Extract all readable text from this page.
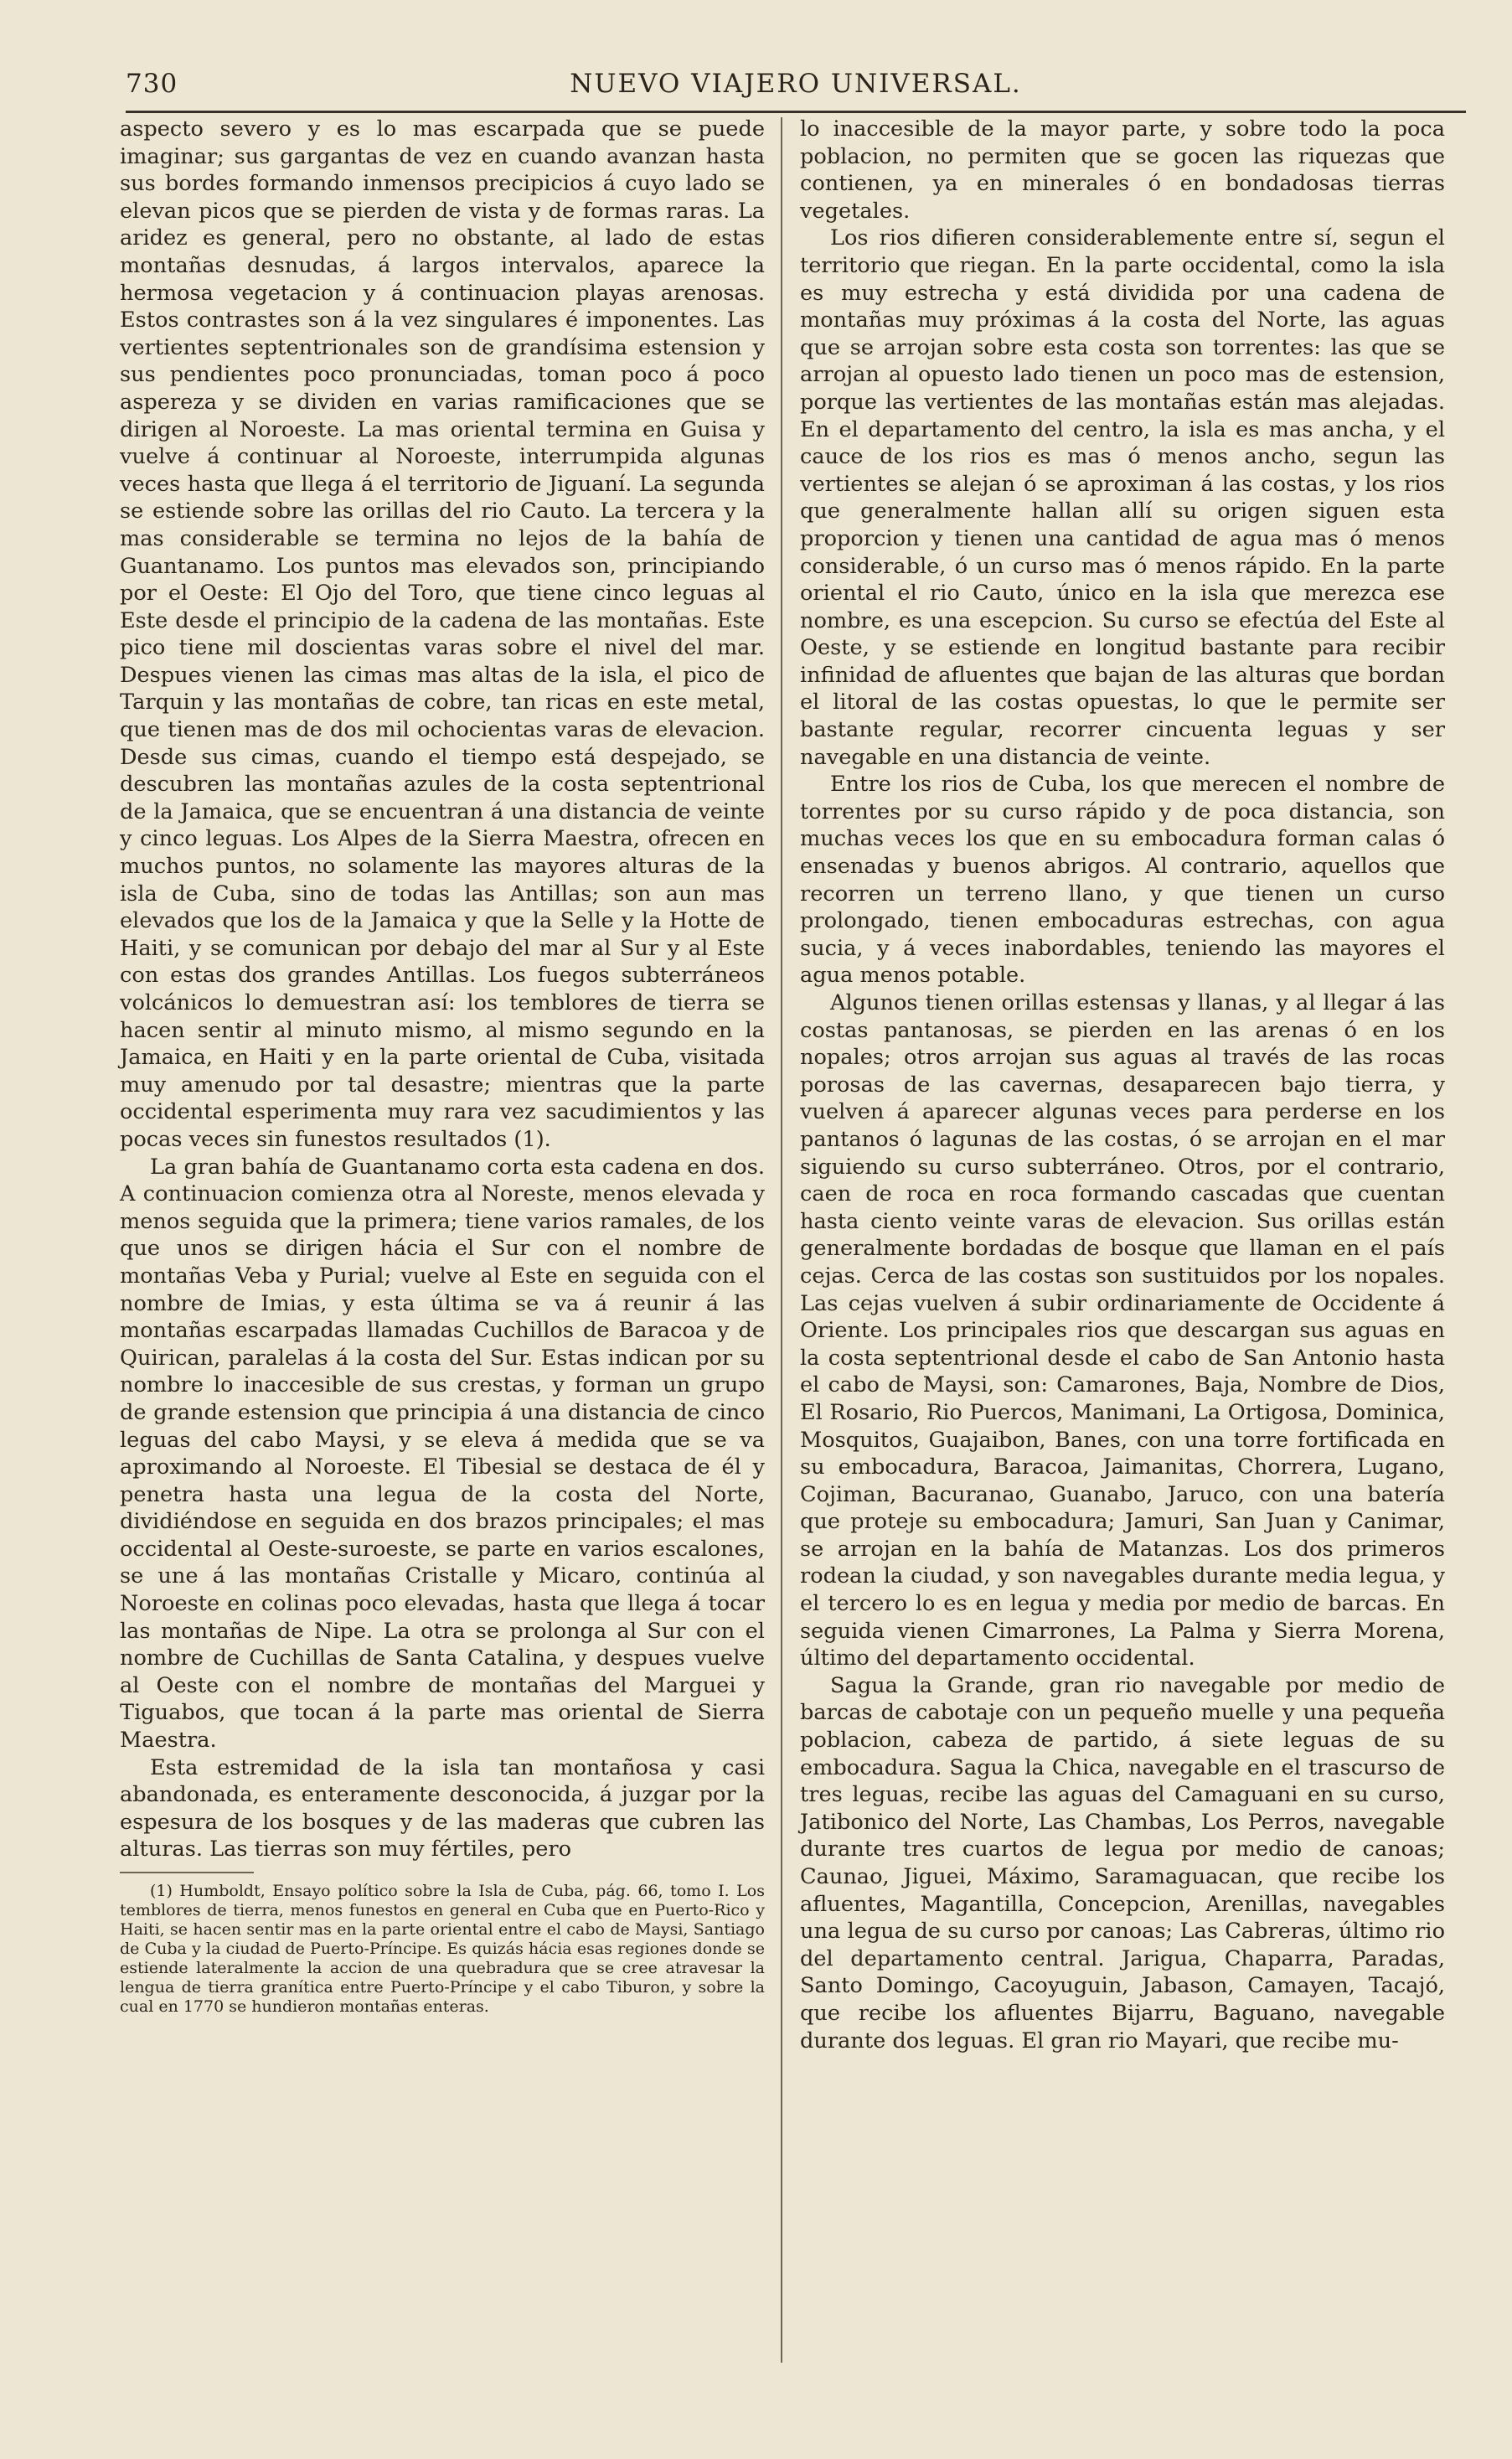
730	NUEVO VIAJERO UNIVERSAL.

aspecto severo y es lo mas escarpada que se puede imaginar; sus gargantas de vez en cuando avanzan hasta sus bordes formando inmensos precipicios á cuyo lado se elevan picos que se pierden de vista y de formas raras. La aridez es general, pero no obstante, al lado de estas montañas desnudas, á largos intervalos, aparece la hermosa vegetacion y á continuacion playas arenosas. Estos contrastes son á la vez singulares é imponentes. Las vertientes septentrionales son de grandísima estension y sus pendientes poco pronunciadas, toman poco á poco aspereza y se dividen en varias ramificaciones que se dirigen al Noroeste. La mas oriental termina en Guisa y vuelve á continuar al Noroeste, interrumpida algunas veces hasta que llega á el territorio de Jiguaní. La segunda se estiende sobre las orillas del rio Cauto. La tercera y la mas considerable se termina no lejos de la bahía de Guantanamo. Los puntos mas elevados son, principiando por el Oeste: El Ojo del Toro, que tiene cinco leguas al Este desde el principio de la cadena de las montañas. Este pico tiene mil doscientas varas sobre el nivel del mar. Despues vienen las cimas mas altas de la isla, el pico de Tarquin y las montañas de cobre, tan ricas en este metal, que tienen mas de dos mil ochocientas varas de elevacion. Desde sus cimas, cuando el tiempo está despejado, se descubren las montañas azules de la costa septentrional de la Jamaica, que se encuentran á una distancia de veinte y cinco leguas. Los Alpes de la Sierra Maestra, ofrecen en muchos puntos, no solamente las mayores alturas de la isla de Cuba, sino de todas las Antillas; son aun mas elevados que los de la Jamaica y que la Selle y la Hotte de Haiti, y se comunican por debajo del mar al Sur y al Este con estas dos grandes Antillas. Los fuegos subterráneos volcánicos lo demuestran así: los temblores de tierra se hacen sentir al minuto mismo, al mismo segundo en la Jamaica, en Haiti y en la parte oriental de Cuba, visitada muy amenudo por tal desastre; mientras que la parte occidental esperimenta muy rara vez sacudimientos y las pocas veces sin funestos resultados (1).

La gran bahía de Guantanamo corta esta cadena en dos. A continuacion comienza otra al Noreste, menos elevada y menos seguida que la primera; tiene varios ramales, de los que unos se dirigen hácia el Sur con el nombre de montañas Veba y Purial; vuelve al Este en seguida con el nombre de Imias, y esta última se va á reunir á las montañas escarpadas llamadas Cuchillos de Baracoa y de Quirican, paralelas á la costa del Sur. Estas indican por su nombre lo inaccesible de sus crestas, y forman un grupo de grande estension que principia á una distancia de cinco leguas del cabo Maysi, y se eleva á medida que se va aproximando al Noroeste. El Tibesial se destaca de él y penetra hasta una legua de la costa del Norte, dividiéndose en seguida en dos brazos principales; el mas occidental al Oeste-suroeste, se parte en varios escalones, se une á las montañas Cristalle y Micaro, continúa al Noroeste en colinas poco elevadas, hasta que llega á tocar las montañas de Nipe. La otra se prolonga al Sur con el nombre de Cuchillas de Santa Catalina, y despues vuelve al Oeste con el nombre de montañas del Marguei y Tiguabos, que tocan á la parte mas oriental de Sierra Maestra.

Esta estremidad de la isla tan montañosa y casi abandonada, es enteramente desconocida, á juzgar por la espesura de los bosques y de las maderas que cubren las alturas. Las tierras son muy fértiles, pero

(1) Humboldt, Ensayo político sobre la Isla de Cuba, pág. 66, tomo I. Los temblores de tierra, menos funestos en general en Cuba que en Puerto-Rico y Haiti, se hacen sentir mas en la parte oriental entre el cabo de Maysi, Santiago de Cuba y la ciudad de Puerto-Príncipe. Es quizás hácia esas regiones donde se estiende lateralmente la accion de una quebradura que se cree atravesar la lengua de tierra granítica entre Puerto-Príncipe y el cabo Tiburon, y sobre la cual en 1770 se hundieron montañas enteras.

lo inaccesible de la mayor parte, y sobre todo la poca poblacion, no permiten que se gocen las riquezas que contienen, ya en minerales ó en bondadosas tierras vegetales.

Los rios difieren considerablemente entre sí, segun el territorio que riegan. En la parte occidental, como la isla es muy estrecha y está dividida por una cadena de montañas muy próximas á la costa del Norte, las aguas que se arrojan sobre esta costa son torrentes: las que se arrojan al opuesto lado tienen un poco mas de estension, porque las vertientes de las montañas están mas alejadas. En el departamento del centro, la isla es mas ancha, y el cauce de los rios es mas ó menos ancho, segun las vertientes se alejan ó se aproximan á las costas, y los rios que generalmente hallan allí su origen siguen esta proporcion y tienen una cantidad de agua mas ó menos considerable, ó un curso mas ó menos rápido. En la parte oriental el rio Cauto, único en la isla que merezca ese nombre, es una escepcion. Su curso se efectúa del Este al Oeste, y se estiende en longitud bastante para recibir infinidad de afluentes que bajan de las alturas que bordan el litoral de las costas opuestas, lo que le permite ser bastante regular, recorrer cincuenta leguas y ser navegable en una distancia de veinte.

Entre los rios de Cuba, los que merecen el nombre de torrentes por su curso rápido y de poca distancia, son muchas veces los que en su embocadura forman calas ó ensenadas y buenos abrigos. Al contrario, aquellos que recorren un terreno llano, y que tienen un curso prolongado, tienen embocaduras estrechas, con agua sucia, y á veces inabordables, teniendo las mayores el agua menos potable.

Algunos tienen orillas estensas y llanas, y al llegar á las costas pantanosas, se pierden en las arenas ó en los nopales; otros arrojan sus aguas al través de las rocas porosas de las cavernas, desaparecen bajo tierra, y vuelven á aparecer algunas veces para perderse en los pantanos ó lagunas de las costas, ó se arrojan en el mar siguiendo su curso subterráneo. Otros, por el contrario, caen de roca en roca formando cascadas que cuentan hasta ciento veinte varas de elevacion. Sus orillas están generalmente bordadas de bosque que llaman en el país cejas. Cerca de las costas son sustituidos por los nopales. Las cejas vuelven á subir ordinariamente de Occidente á Oriente. Los principales rios que descargan sus aguas en la costa septentrional desde el cabo de San Antonio hasta el cabo de Maysi, son: Camarones, Baja, Nombre de Dios, El Rosario, Rio Puercos, Manimani, La Ortigosa, Dominica, Mosquitos, Guajaibon, Banes, con una torre fortificada en su embocadura, Baracoa, Jaimanitas, Chorrera, Lugano, Cojiman, Bacuranao, Guanabo, Jaruco, con una batería que proteje su embocadura; Jamuri, San Juan y Canimar, se arrojan en la bahía de Matanzas. Los dos primeros rodean la ciudad, y son navegables durante media legua, y el tercero lo es en legua y media por medio de barcas. En seguida vienen Cimarrones, La Palma y Sierra Morena, último del departamento occidental.

Sagua la Grande, gran rio navegable por medio de barcas de cabotaje con un pequeño muelle y una pequeña poblacion, cabeza de partido, á siete leguas de su embocadura. Sagua la Chica, navegable en el trascurso de tres leguas, recibe las aguas del Camaguani en su curso, Jatibonico del Norte, Las Chambas, Los Perros, navegable durante tres cuartos de legua por medio de canoas; Caunao, Jiguei, Máximo, Saramaguacan, que recibe los afluentes, Magantilla, Concepcion, Arenillas, navegables una legua de su curso por canoas; Las Cabreras, último rio del departamento central. Jarigua, Chaparra, Paradas, Santo Domingo, Cacoyuguin, Jabason, Camayen, Tacajó, que recibe los afluentes Bijarru, Baguano, navegable durante dos leguas. El gran rio Mayari, que recibe mu-
